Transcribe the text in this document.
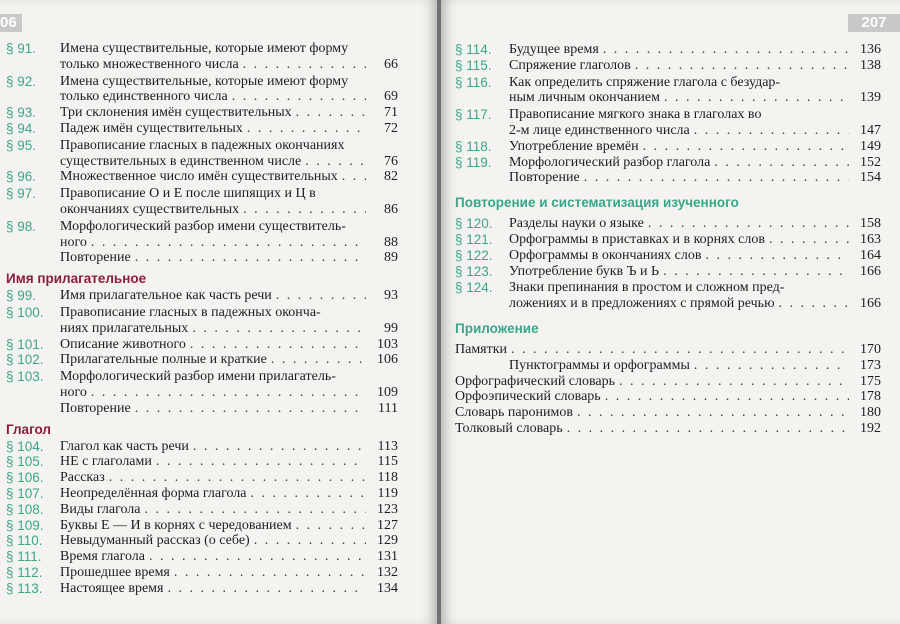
06
§ 91.	Имена существительные, которые имеют форму
только множественного числа . . .	66
§ 92.	Имена существительные, которые имеют форму
только единственного числа . . .	69
§ 93.	Три склонения имён существительных . . .	71
§ 94.	Падеж имён существительных . . .	72
§ 95.	Правописание гласных в падежных окончаниях
существительных в единственном числе . . .	76
§ 96.	Множественное число имён существительных . . .	82
§ 97.	Правописание О и Е после шипящих и Ц в
окончаниях существительных . . .	86
§ 98.	Морфологический разбор имени существитель-
ного . . .	88
Повторение . . .	89
Имя прилагательное
§ 99.	Имя прилагательное как часть речи . . .	93
§ 100.	Правописание гласных в падежных оконча-
ниях прилагательных . . .	99
§ 101.	Описание животного . . .	103
§ 102.	Прилагательные полные и краткие . . .	106
§ 103.	Морфологический разбор имени прилагатель-
ного . . .	109
Повторение . . .	111
Глагол
§ 104.	Глагол как часть речи . . .	113
§ 105.	НЕ с глаголами . . .	115
§ 106.	Рассказ . . .	118
§ 107.	Неопределённая форма глагола . . .	119
§ 108.	Виды глагола . . .	123
§ 109.	Буквы Е — И в корнях с чередованием . . .	127
§ 110.	Невыдуманный рассказ (о себе) . . .	129
§ 111.	Время глагола . . .	131
§ 112.	Прошедшее время . . .	132
§ 113.	Настоящее время . . .	134
207
§ 114.	Будущее время . . .	136
§ 115.	Спряжение глаголов . . .	138
§ 116.	Как определить спряжение глагола с безудар-
ным личным окончанием . . .	139
§ 117.	Правописание мягкого знака в глаголах во
2-м лице единственного числа . . .	147
§ 118.	Употребление времён . . .	149
§ 119.	Морфологический разбор глагола . . .	152
Повторение . . .	154
Повторение и систематизация изученного
§ 120.	Разделы науки о языке . . .	158
§ 121.	Орфограммы в приставках и в корнях слов . . .	163
§ 122.	Орфограммы в окончаниях слов . . .	164
§ 123.	Употребление букв Ъ и Ь . . .	166
§ 124.	Знаки препинания в простом и сложном пред-
ложениях и в предложениях с прямой речью . . .	166
Приложение
Памятки . . .	170
Пунктограммы и орфограммы . . .	173
Орфографический словарь . . .	175
Орфоэпический словарь . . .	178
Словарь паронимов . . .	180
Толковый словарь . . .	192
